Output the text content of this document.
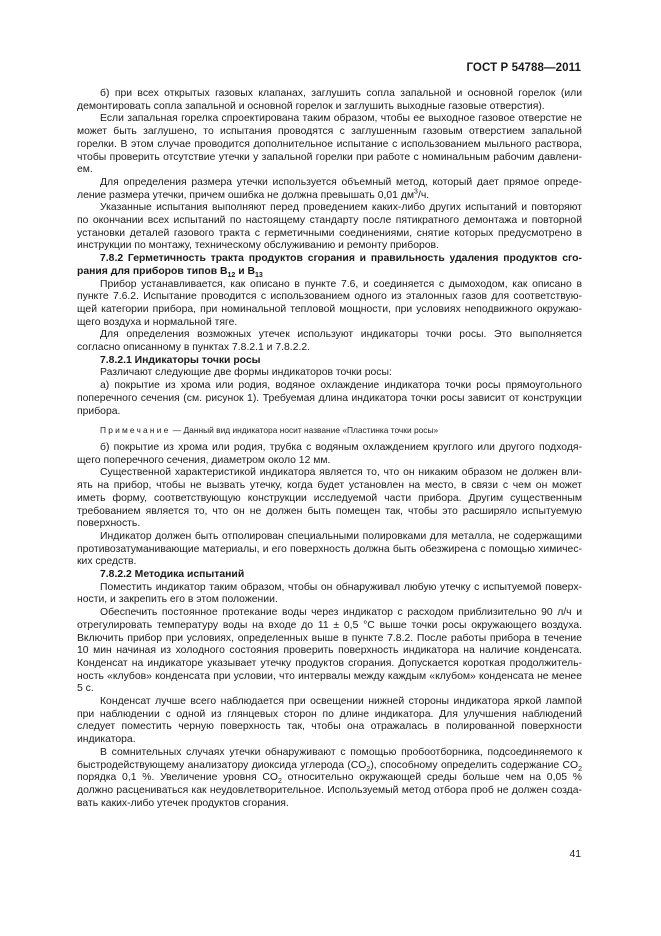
ГОСТ Р 54788—2011

б) при всех открытых газовых клапанах, заглушить сопла запальной и основной горелок (или демонтировать сопла запальной и основной горелок и заглушить выходные газовые отверстия).

Если запальная горелка спроектирована таким образом, чтобы ее выходное газовое отверстие не может быть заглушено, то испытания проводятся с заглушенным газовым отверстием запальной горелки. В этом случае проводится дополнительное испытание с использованием мыльного раствора, чтобы проверить отсутствие утечки у запальной горелки при работе с номинальным рабочим давлением.

Для определения размера утечки используется объемный метод, который дает прямое определение размера утечки, причем ошибка не должна превышать 0,01 $дм^3/ч$.

Указанные испытания выполняют перед проведением каких-либо других испытаний и повторяют по окончании всех испытаний по настоящему стандарту после пятикратного демонтажа и повторной установки деталей газового тракта с герметичными соединениями, снятие которых предусмотрено в инструкции по монтажу, техническому обслуживанию и ремонту приборов.

7.8.2 Герметичность тракта продуктов сгорания и правильность удаления продуктов сгорания для приборов типов $B_{12}$ и $B_{13}$

Прибор устанавливается, как описано в пункте 7.6, и соединяется с дымоходом, как описано в пункте 7.6.2. Испытание проводится с использованием одного из эталонных газов для соответствующей категории прибора, при номинальной тепловой мощности, при условиях неподвижного окружающего воздуха и нормальной тяге.

Для определения возможных утечек используют индикаторы точки росы. Это выполняется согласно описанному в пунктах 7.8.2.1 и 7.8.2.2.

7.8.2.1 Индикаторы точки росы

Различают следующие две формы индикаторов точки росы:

а) покрытие из хрома или родия, водяное охлаждение индикатора точки росы прямоугольного поперечного сечения (см. рисунок 1). Требуемая длина индикатора точки росы зависит от конструкции прибора.

Примечание — Данный вид индикатора носит название «Пластинка точки росы»

б) покрытие из хрома или родия, трубка с водяным охлаждением круглого или другого подходящего поперечного сечения, диаметром около 12 мм.

Существенной характеристикой индикатора является то, что он никаким образом не должен влиять на прибор, чтобы не вызвать утечку, когда будет установлен на место, в связи с чем он может иметь форму, соответствующую конструкции исследуемой части прибора. Другим существенным требованием является то, что он не должен быть помещен так, чтобы это расширяло испытуемую поверхность.

Индикатор должен быть отполирован специальными полировками для металла, не содержащими противозатуманивающие материалы, и его поверхность должна быть обезжирена с помощью химических средств.

7.8.2.2 Методика испытаний

Поместить индикатор таким образом, чтобы он обнаруживал любую утечку с испытуемой поверхности, и закрепить его в этом положении.

Обеспечить постоянное протекание воды через индикатор с расходом приблизительно 90 л/ч и отрегулировать температуру воды на входе до 11 ± 0,5 °С выше точки росы окружающего воздуха. Включить прибор при условиях, определенных выше в пункте 7.8.2. После работы прибора в течение 10 мин начиная из холодного состояния проверить поверхность индикатора на наличие конденсата. Конденсат на индикаторе указывает утечку продуктов сгорания. Допускается короткая продолжительность «клубов» конденсата при условии, что интервалы между каждым «клубом» конденсата не менее 5 с.

Конденсат лучше всего наблюдается при освещении нижней стороны индикатора яркой лампой при наблюдении с одной из глянцевых сторон по длине индикатора. Для улучшения наблюдений следует поместить черную поверхность так, чтобы она отражалась в полированной поверхности индикатора.

В сомнительных случаях утечки обнаруживают с помощью пробоотборника, подсоединяемого к быстродействующему анализатору диоксида углерода $(CO_2)$, способному определить содержание $CO_2$ порядка 0,1 %. Увеличение уровня $CO_2$ относительно окружающей среды больше чем на 0,05 % должно расцениваться как неудовлетворительное. Используемый метод отбора проб не должен создавать каких-либо утечек продуктов сгорания.

41
